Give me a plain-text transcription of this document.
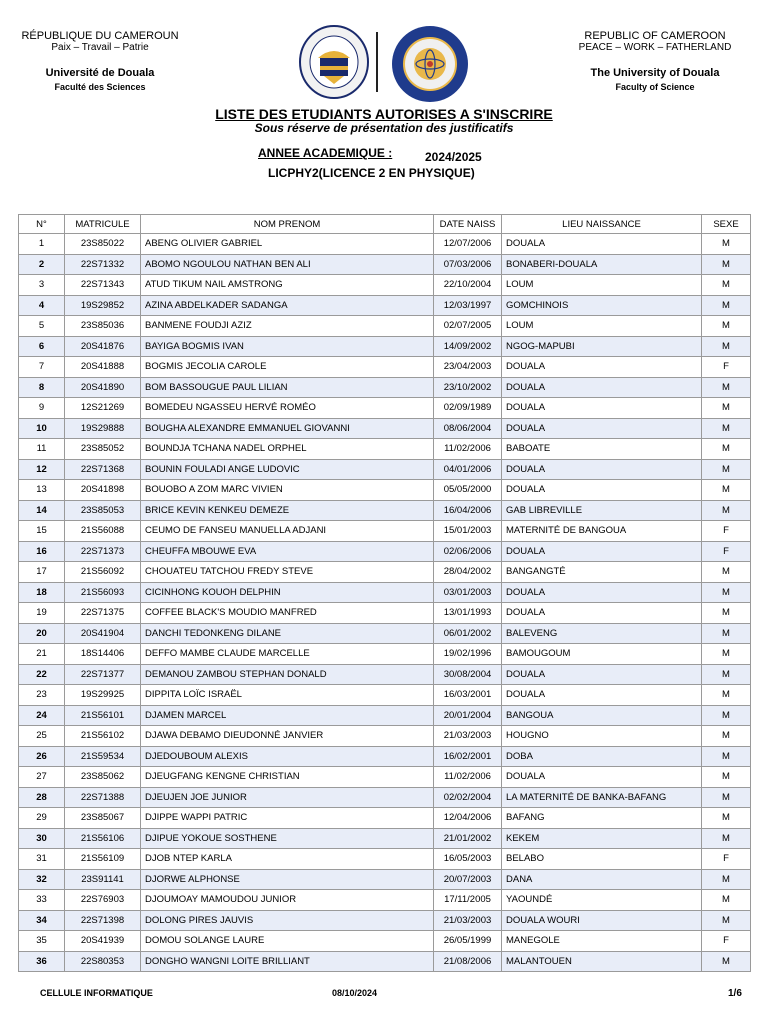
RÉPUBLIQUE DU CAMEROUN
Paix – Travail – Patrie
Université de Douala
Faculté des Sciences
REPUBLIC OF CAMEROON
PEACE – WORK – FATHERLAND
The University of Douala
Faculty of Science
LISTE DES ETUDIANTS AUTORISES A S'INSCRIRE
Sous réserve de présentation des justificatifs
ANNEE ACADEMIQUE :	2024/2025
LICPHY2(LICENCE 2 EN PHYSIQUE)
N°	MATRICULE	NOM PRENOM	DATE NAISS	LIEU NAISSANCE	SEXE
1	23S85022	ABENG OLIVIER GABRIEL	12/07/2006	DOUALA	M
2	22S71332	ABOMO NGOULOU NATHAN BEN ALI	07/03/2006	BONABERI-DOUALA	M
3	22S71343	ATUD TIKUM NAIL AMSTRONG	22/10/2004	LOUM	M
4	19S29852	AZINA ABDELKADER SADANGA	12/03/1997	GOMCHINOIS	M
5	23S85036	BANMENE FOUDJI AZIZ	02/07/2005	LOUM	M
6	20S41876	BAYIGA BOGMIS IVAN	14/09/2002	NGOG-MAPUBI	M
7	20S41888	BOGMIS JECOLIA CAROLE	23/04/2003	DOUALA	F
8	20S41890	BOM BASSOUGUE PAUL LILIAN	23/10/2002	DOUALA	M
9	12S21269	BOMEDEU NGASSEU HERVÉ ROMÉO	02/09/1989	DOUALA	M
10	19S29888	BOUGHA ALEXANDRE EMMANUEL GIOVANNI	08/06/2004	DOUALA	M
11	23S85052	BOUNDJA TCHANA NADEL ORPHEL	11/02/2006	BABOATE	M
12	22S71368	BOUNIN FOULADI ANGE LUDOVIC	04/01/2006	DOUALA	M
13	20S41898	BOUOBO A ZOM MARC VIVIEN	05/05/2000	DOUALA	M
14	23S85053	BRICE KEVIN KENKEU DEMEZE	16/04/2006	GAB LIBREVILLE	M
15	21S56088	CEUMO DE FANSEU MANUELLA ADJANI	15/01/2003	MATERNITÉ DE BANGOUA	F
16	22S71373	CHEUFFA MBOUWE EVA	02/06/2006	DOUALA	F
17	21S56092	CHOUATEU TATCHOU FREDY STEVE	28/04/2002	BANGANGTÉ	M
18	21S56093	CICINHONG KOUOH DELPHIN	03/01/2003	DOUALA	M
19	22S71375	COFFEE BLACK'S MOUDIO MANFRED	13/01/1993	DOUALA	M
20	20S41904	DANCHI TEDONKENG DILANE	06/01/2002	BALEVENG	M
21	18S14406	DEFFO MAMBE CLAUDE MARCELLE	19/02/1996	BAMOUGOUM	M
22	22S71377	DEMANOU ZAMBOU STEPHAN DONALD	30/08/2004	DOUALA	M
23	19S29925	DIPPITA LOÏC ISRAËL	16/03/2001	DOUALA	M
24	21S56101	DJAMEN MARCEL	20/01/2004	BANGOUA	M
25	21S56102	DJAWA DEBAMO DIEUDONNÉ JANVIER	21/03/2003	HOUGNO	M
26	21S59534	DJEDOUBOUM ALEXIS	16/02/2001	DOBA	M
27	23S85062	DJEUGFANG KENGNE CHRISTIAN	11/02/2006	DOUALA	M
28	22S71388	DJEUJEN JOE JUNIOR	02/02/2004	LA MATERNITÉ DE BANKA-BAFANG	M
29	23S85067	DJIPPE WAPPI PATRIC	12/04/2006	BAFANG	M
30	21S56106	DJIPUE YOKOUE SOSTHENE	21/01/2002	KEKEM	M
31	21S56109	DJOB NTEP KARLA	16/05/2003	BELABO	F
32	23S91141	DJORWE ALPHONSE	20/07/2003	DANA	M
33	22S76903	DJOUMOAY MAMOUDOU JUNIOR	17/11/2005	YAOUNDÉ	M
34	22S71398	DOLONG PIRES JAUVIS	21/03/2003	DOUALA WOURI	M
35	20S41939	DOMOU SOLANGE LAURE	26/05/1999	MANEGOLE	F
36	22S80353	DONGHO WANGNI LOITE BRILLIANT	21/08/2006	MALANTOUEN	M
CELLULE INFORMATIQUE	08/10/2024	1/6
